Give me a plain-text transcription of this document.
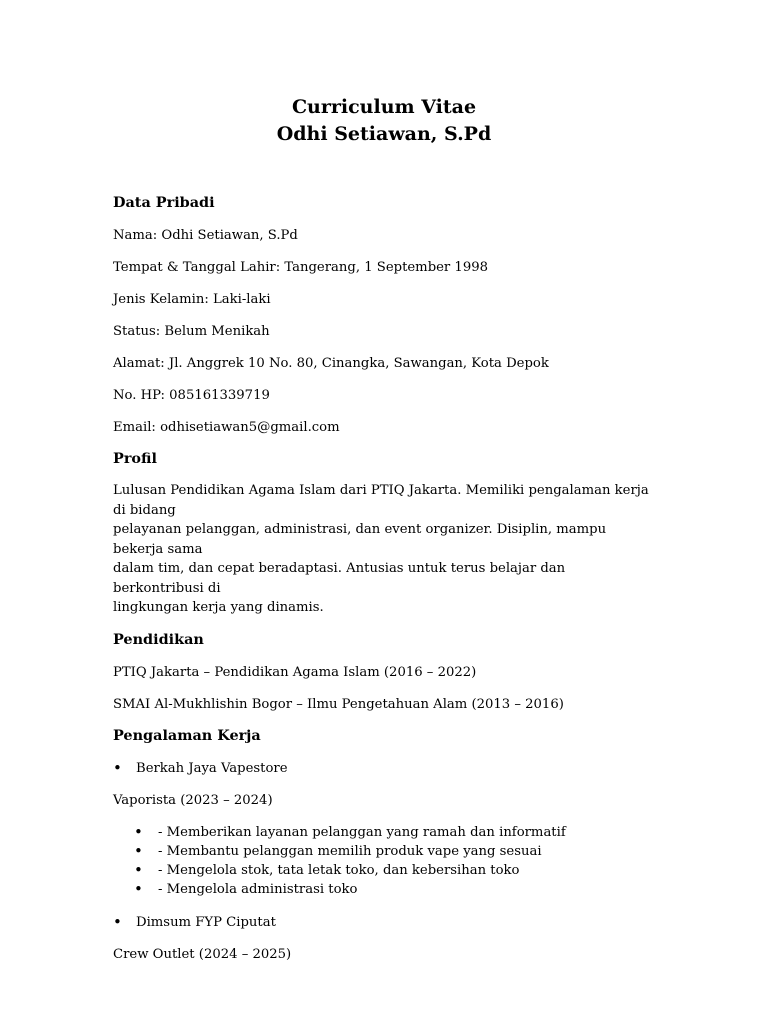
Curriculum Vitae
Odhi Setiawan, S.Pd
Data Pribadi
Nama: Odhi Setiawan, S.Pd
Tempat & Tanggal Lahir: Tangerang, 1 September 1998
Jenis Kelamin: Laki-laki
Status: Belum Menikah
Alamat: Jl. Anggrek 10 No. 80, Cinangka, Sawangan, Kota Depok
No. HP: 085161339719
Email: odhisetiawan5@gmail.com
Profil
Lulusan Pendidikan Agama Islam dari PTIQ Jakarta. Memiliki pengalaman kerja di bidang
pelayanan pelanggan, administrasi, dan event organizer. Disiplin, mampu bekerja sama
dalam tim, dan cepat beradaptasi. Antusias untuk terus belajar dan berkontribusi di
lingkungan kerja yang dinamis.
Pendidikan
PTIQ Jakarta – Pendidikan Agama Islam (2016 – 2022)
SMAI Al-Mukhlishin Bogor – Ilmu Pengetahuan Alam (2013 – 2016)
Pengalaman Kerja
• Berkah Jaya Vapestore
Vaporista (2023 – 2024)
• - Memberikan layanan pelanggan yang ramah dan informatif
• - Membantu pelanggan memilih produk vape yang sesuai
• - Mengelola stok, tata letak toko, dan kebersihan toko
• - Mengelola administrasi toko
• Dimsum FYP Ciputat
Crew Outlet (2024 – 2025)
